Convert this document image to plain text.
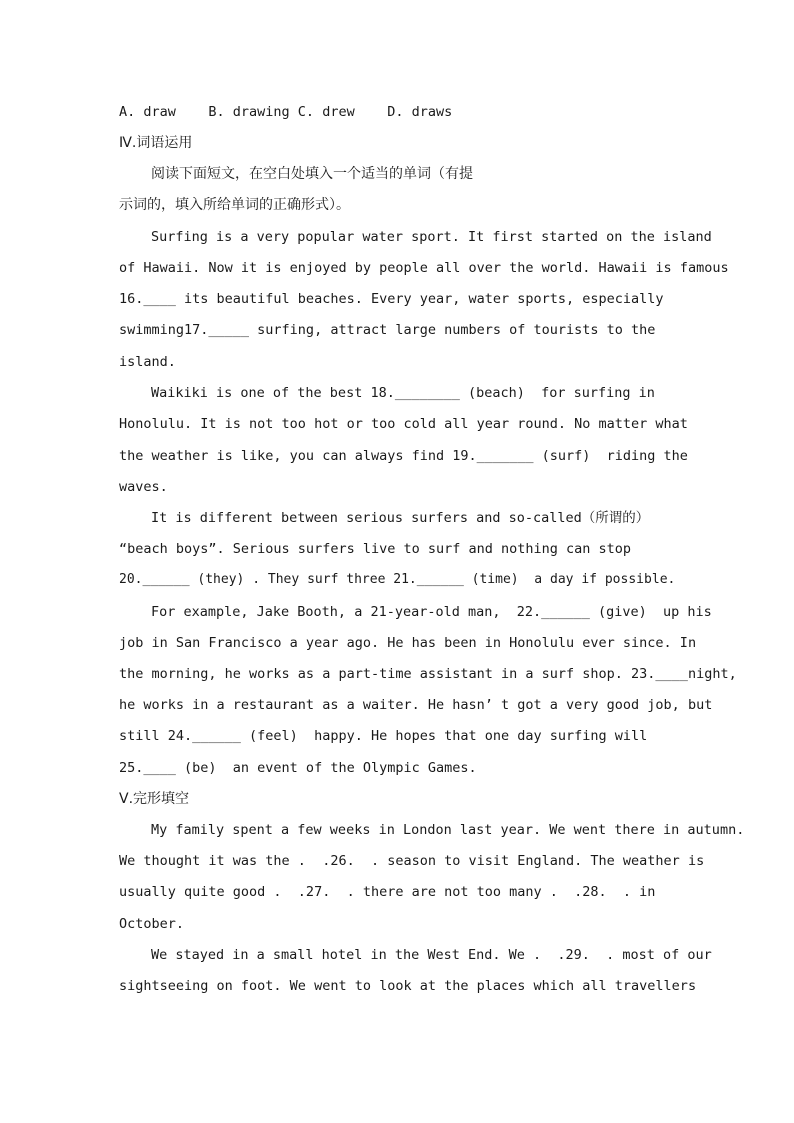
A. draw    B. drawing C. drew    D. draws
Ⅳ.词语运用
阅读下面短文，在空白处填入一个适当的单词（有提
示词的，填入所给单词的正确形式）。
Surfing is a very popular water sport. It first started on the island
of Hawaii. Now it is enjoyed by people all over the world. Hawaii is famous
16.____ its beautiful beaches. Every year, water sports, especially
swimming17._____ surfing, attract large numbers of tourists to the
island.
Waikiki is one of the best 18.________ (beach)  for surfing in
Honolulu. It is not too hot or too cold all year round. No matter what
the weather is like, you can always find 19._______ (surf)  riding the
waves.
It is different between serious surfers and so-called（所谓的）
“beach boys”. Serious surfers live to surf and nothing can stop
20.______ (they) . They surf three 21.______ (time)  a day if possible.
For example, Jake Booth, a 21-year-old man,  22.______ (give)  up his
job in San Francisco a year ago. He has been in Honolulu ever since. In
the morning, he works as a part-time assistant in a surf shop. 23.____night,
he works in a restaurant as a waiter. He hasn’ t got a very good job, but
still 24.______ (feel)  happy. He hopes that one day surfing will
25.____ (be)  an event of the Olympic Games.
Ⅴ.完形填空
My family spent a few weeks in London last year. We went there in autumn.
We thought it was the .  .26.  . season to visit England. The weather is
usually quite good .  .27.  . there are not too many .  .28.  . in
October.
We stayed in a small hotel in the West End. We .  .29.  . most of our
sightseeing on foot. We went to look at the places which all travellers
